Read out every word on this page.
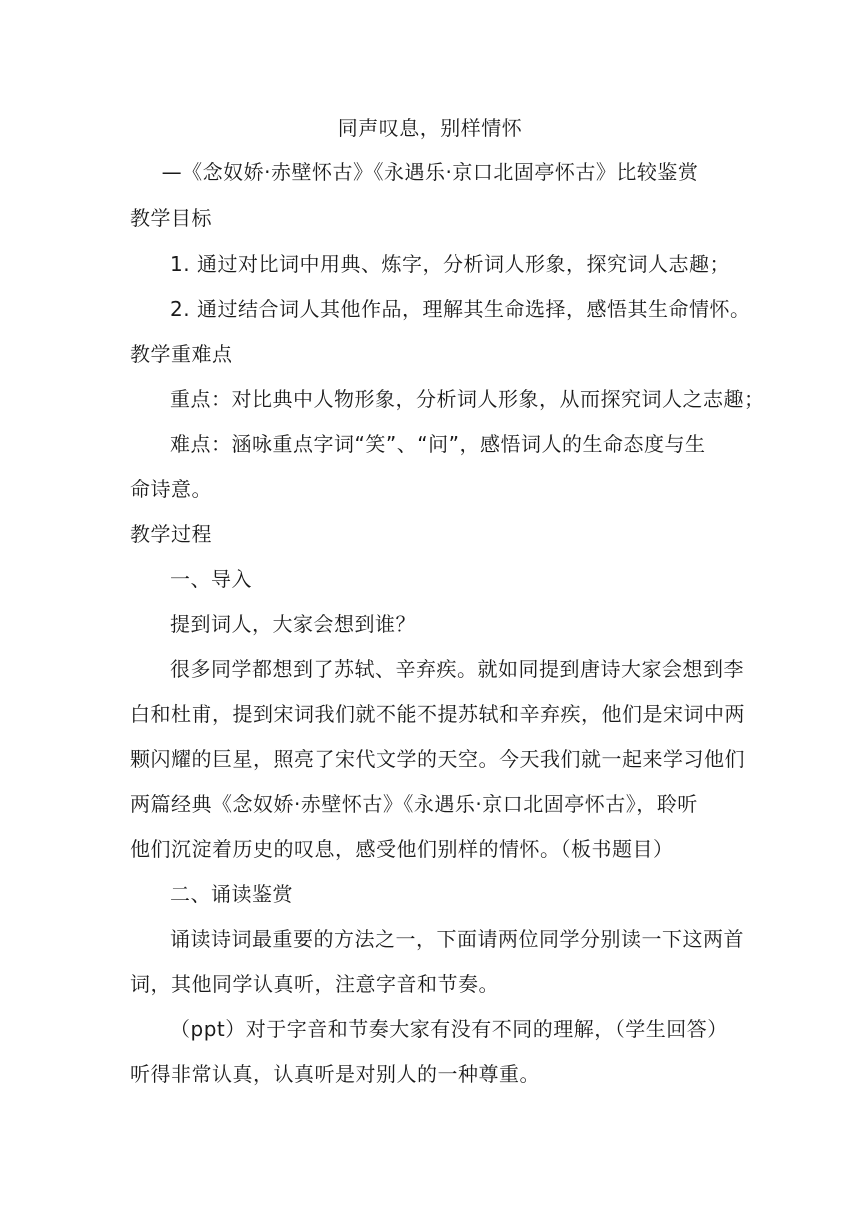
同声叹息，别样情怀
—《念奴娇·赤壁怀古》《永遇乐·京口北固亭怀古》比较鉴赏
教学目标
1. 通过对比词中用典、炼字，分析词人形象，探究词人志趣；
2. 通过结合词人其他作品，理解其生命选择，感悟其生命情怀。
教学重难点
重点：对比典中人物形象，分析词人形象，从而探究词人之志趣；
难点：涵咏重点字词“笑”、“问”，感悟词人的生命态度与生
命诗意。
教学过程
一、导入
提到词人，大家会想到谁？
很多同学都想到了苏轼、辛弃疾。就如同提到唐诗大家会想到李
白和杜甫，提到宋词我们就不能不提苏轼和辛弃疾，他们是宋词中两
颗闪耀的巨星，照亮了宋代文学的天空。今天我们就一起来学习他们
两篇经典《念奴娇·赤壁怀古》《永遇乐·京口北固亭怀古》，聆听
他们沉淀着历史的叹息，感受他们别样的情怀。（板书题目）
二、诵读鉴赏
诵读诗词最重要的方法之一，下面请两位同学分别读一下这两首
词，其他同学认真听，注意字音和节奏。
（ppt）对于字音和节奏大家有没有不同的理解，（学生回答）
听得非常认真，认真听是对别人的一种尊重。
